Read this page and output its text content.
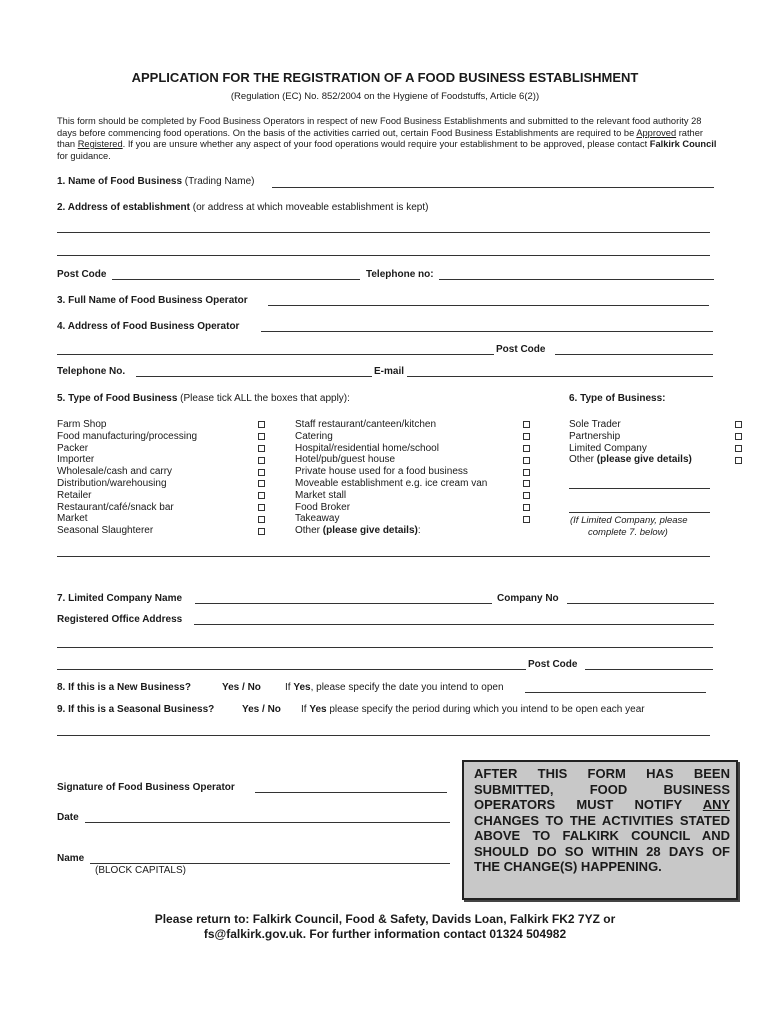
APPLICATION FOR THE REGISTRATION OF A FOOD BUSINESS ESTABLISHMENT
(Regulation (EC) No. 852/2004 on the Hygiene of Foodstuffs, Article 6(2))
This form should be completed by Food Business Operators in respect of new Food Business Establishments and submitted to the relevant food authority 28 days before commencing food operations. On the basis of the activities carried out, certain Food Business Establishments are required to be Approved rather than Registered. If you are unsure whether any aspect of your food operations would require your establishment to be approved, please contact Falkirk Council for guidance.
1. Name of Food Business (Trading Name)
2. Address of establishment (or address at which moveable establishment is kept)
Post Code	Telephone no:
3. Full Name of Food Business Operator
4. Address of Food Business Operator
Post Code
Telephone No.	E-mail
5. Type of Food Business (Please tick ALL the boxes that apply):	6. Type of Business:
Farm Shop
Food manufacturing/processing
Packer
Importer
Wholesale/cash and carry
Distribution/warehousing
Retailer
Restaurant/café/snack bar
Market
Seasonal Slaughterer
Staff restaurant/canteen/kitchen
Catering
Hospital/residential home/school
Hotel/pub/guest house
Private house used for a food business
Moveable establishment e.g. ice cream van
Market stall
Food Broker
Takeaway
Other (please give details):
Sole Trader
Partnership
Limited Company
Other (please give details)
(If Limited Company, please
complete 7. below)
7. Limited Company Name	Company No
Registered Office Address
Post Code
8. If this is a New Business?	Yes / No If Yes, please specify the date you intend to open
9. If this is a Seasonal Business?	Yes / No If Yes please specify the period during which you intend to be open each year
Signature of Food Business Operator
Date
Name
(BLOCK CAPITALS)
AFTER THIS FORM HAS BEEN SUBMITTED, FOOD BUSINESS OPERATORS MUST NOTIFY ANY CHANGES TO THE ACTIVITIES STATED ABOVE TO FALKIRK COUNCIL AND SHOULD DO SO WITHIN 28 DAYS OF THE CHANGE(S) HAPPENING.
Please return to: Falkirk Council, Food & Safety, Davids Loan, Falkirk FK2 7YZ or
fs@falkirk.gov.uk. For further information contact 01324 504982
